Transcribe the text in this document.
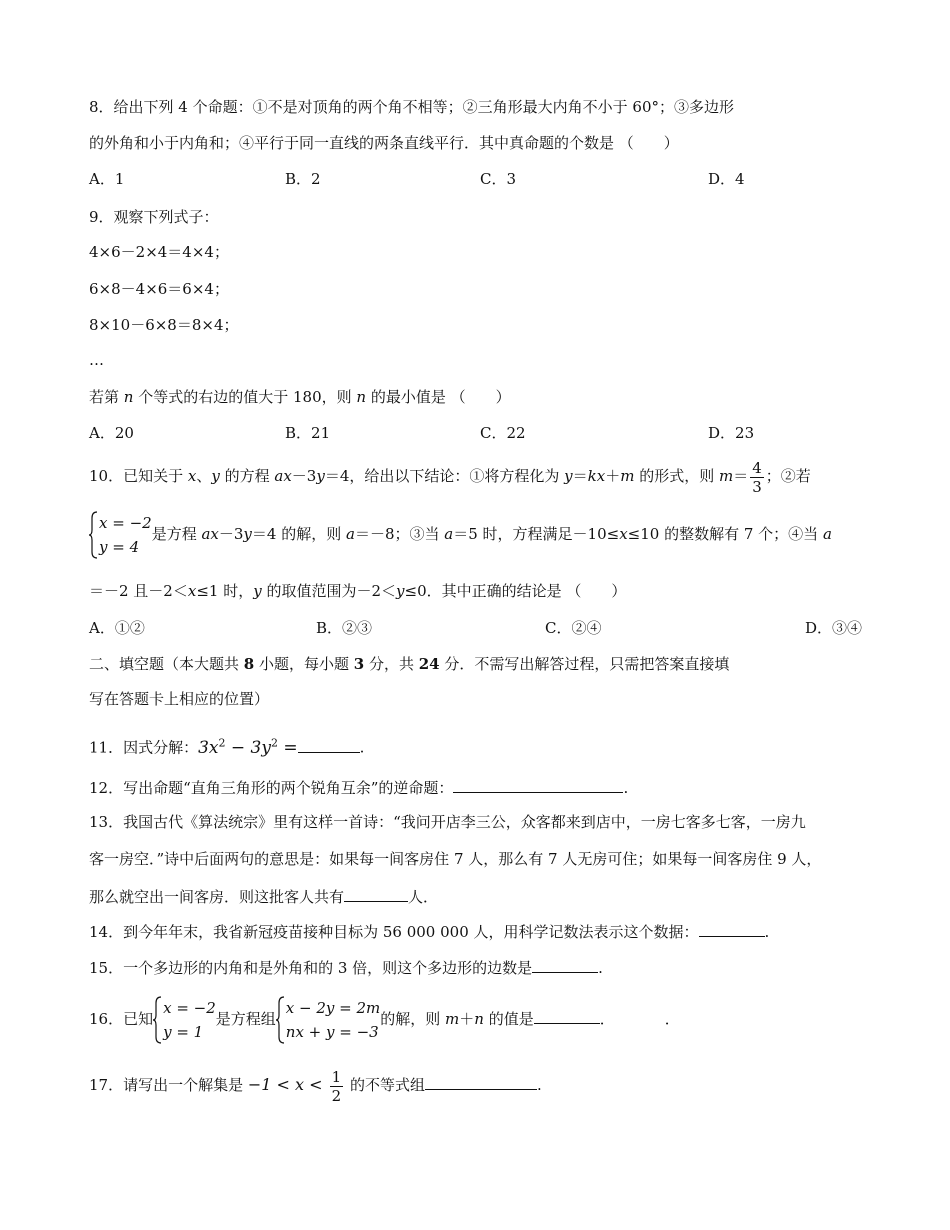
8．给出下列 4 个命题：①不是对顶角的两个角不相等；②三角形最大内角不小于 60°；③多边形
的外角和小于内角和；④平行于同一直线的两条直线平行．其中真命题的个数是 （　　）
A．1	B．2	C．3	D．4
9．观察下列式子：
4×6－2×4＝4×4；
6×8－4×6＝6×4；
8×10－6×8＝8×4；
…
若第 n 个等式的右边的值大于 180，则 n 的最小值是 （　　）
A．20	B．21	C．22	D．23
10．已知关于 x、y 的方程 ax－3y＝4，给出以下结论：①将方程化为 y＝kx＋m 的形式，则 $m= \frac{4}{3}$ ；②若
x = −2
y = 4
是方程 ax－3y＝4 的解，则 a＝－8；③当 a＝5 时，方程满足－10≤x≤10 的整数解有 7 个；④当 a
＝－2 且－2＜x≤1 时，y 的取值范围为－2＜y≤0．其中正确的结论是 （　　）
A．①②	B．②③	C．②④	D．③④
二、填空题（本大题共 8 小题，每小题 3 分，共 24 分．不需写出解答过程，只需把答案直接填
写在答题卡上相应的位置）
11．因式分解：$3x^2 - 3y^2$ =	.
12．写出命题“直角三角形的两个锐角互余”的逆命题：	.
13．我国古代《算法统宗》里有这样一首诗：“我问开店李三公，众客都来到店中，一房七客多七客，一房九
客一房空．”诗中后面两句的意思是：如果每一间客房住 7 人，那么有 7 人无房可住；如果每一间客房住 9 人，
那么就空出一间客房．则这批客人共有	人．
14．到今年年末，我省新冠疫苗接种目标为 56 000 000 人，用科学记数法表示这个数据：	.
15．一个多边形的内角和是外角和的 3 倍，则这个多边形的边数是	.
16．已知
x = −2
y = 1
是方程组
x − 2y = 2m
nx + y = −3
的解，则 m＋n 的值是	．	．
17．请写出一个解集是 $-1 < x < \frac{1}{2}$ 的不等式组	.
